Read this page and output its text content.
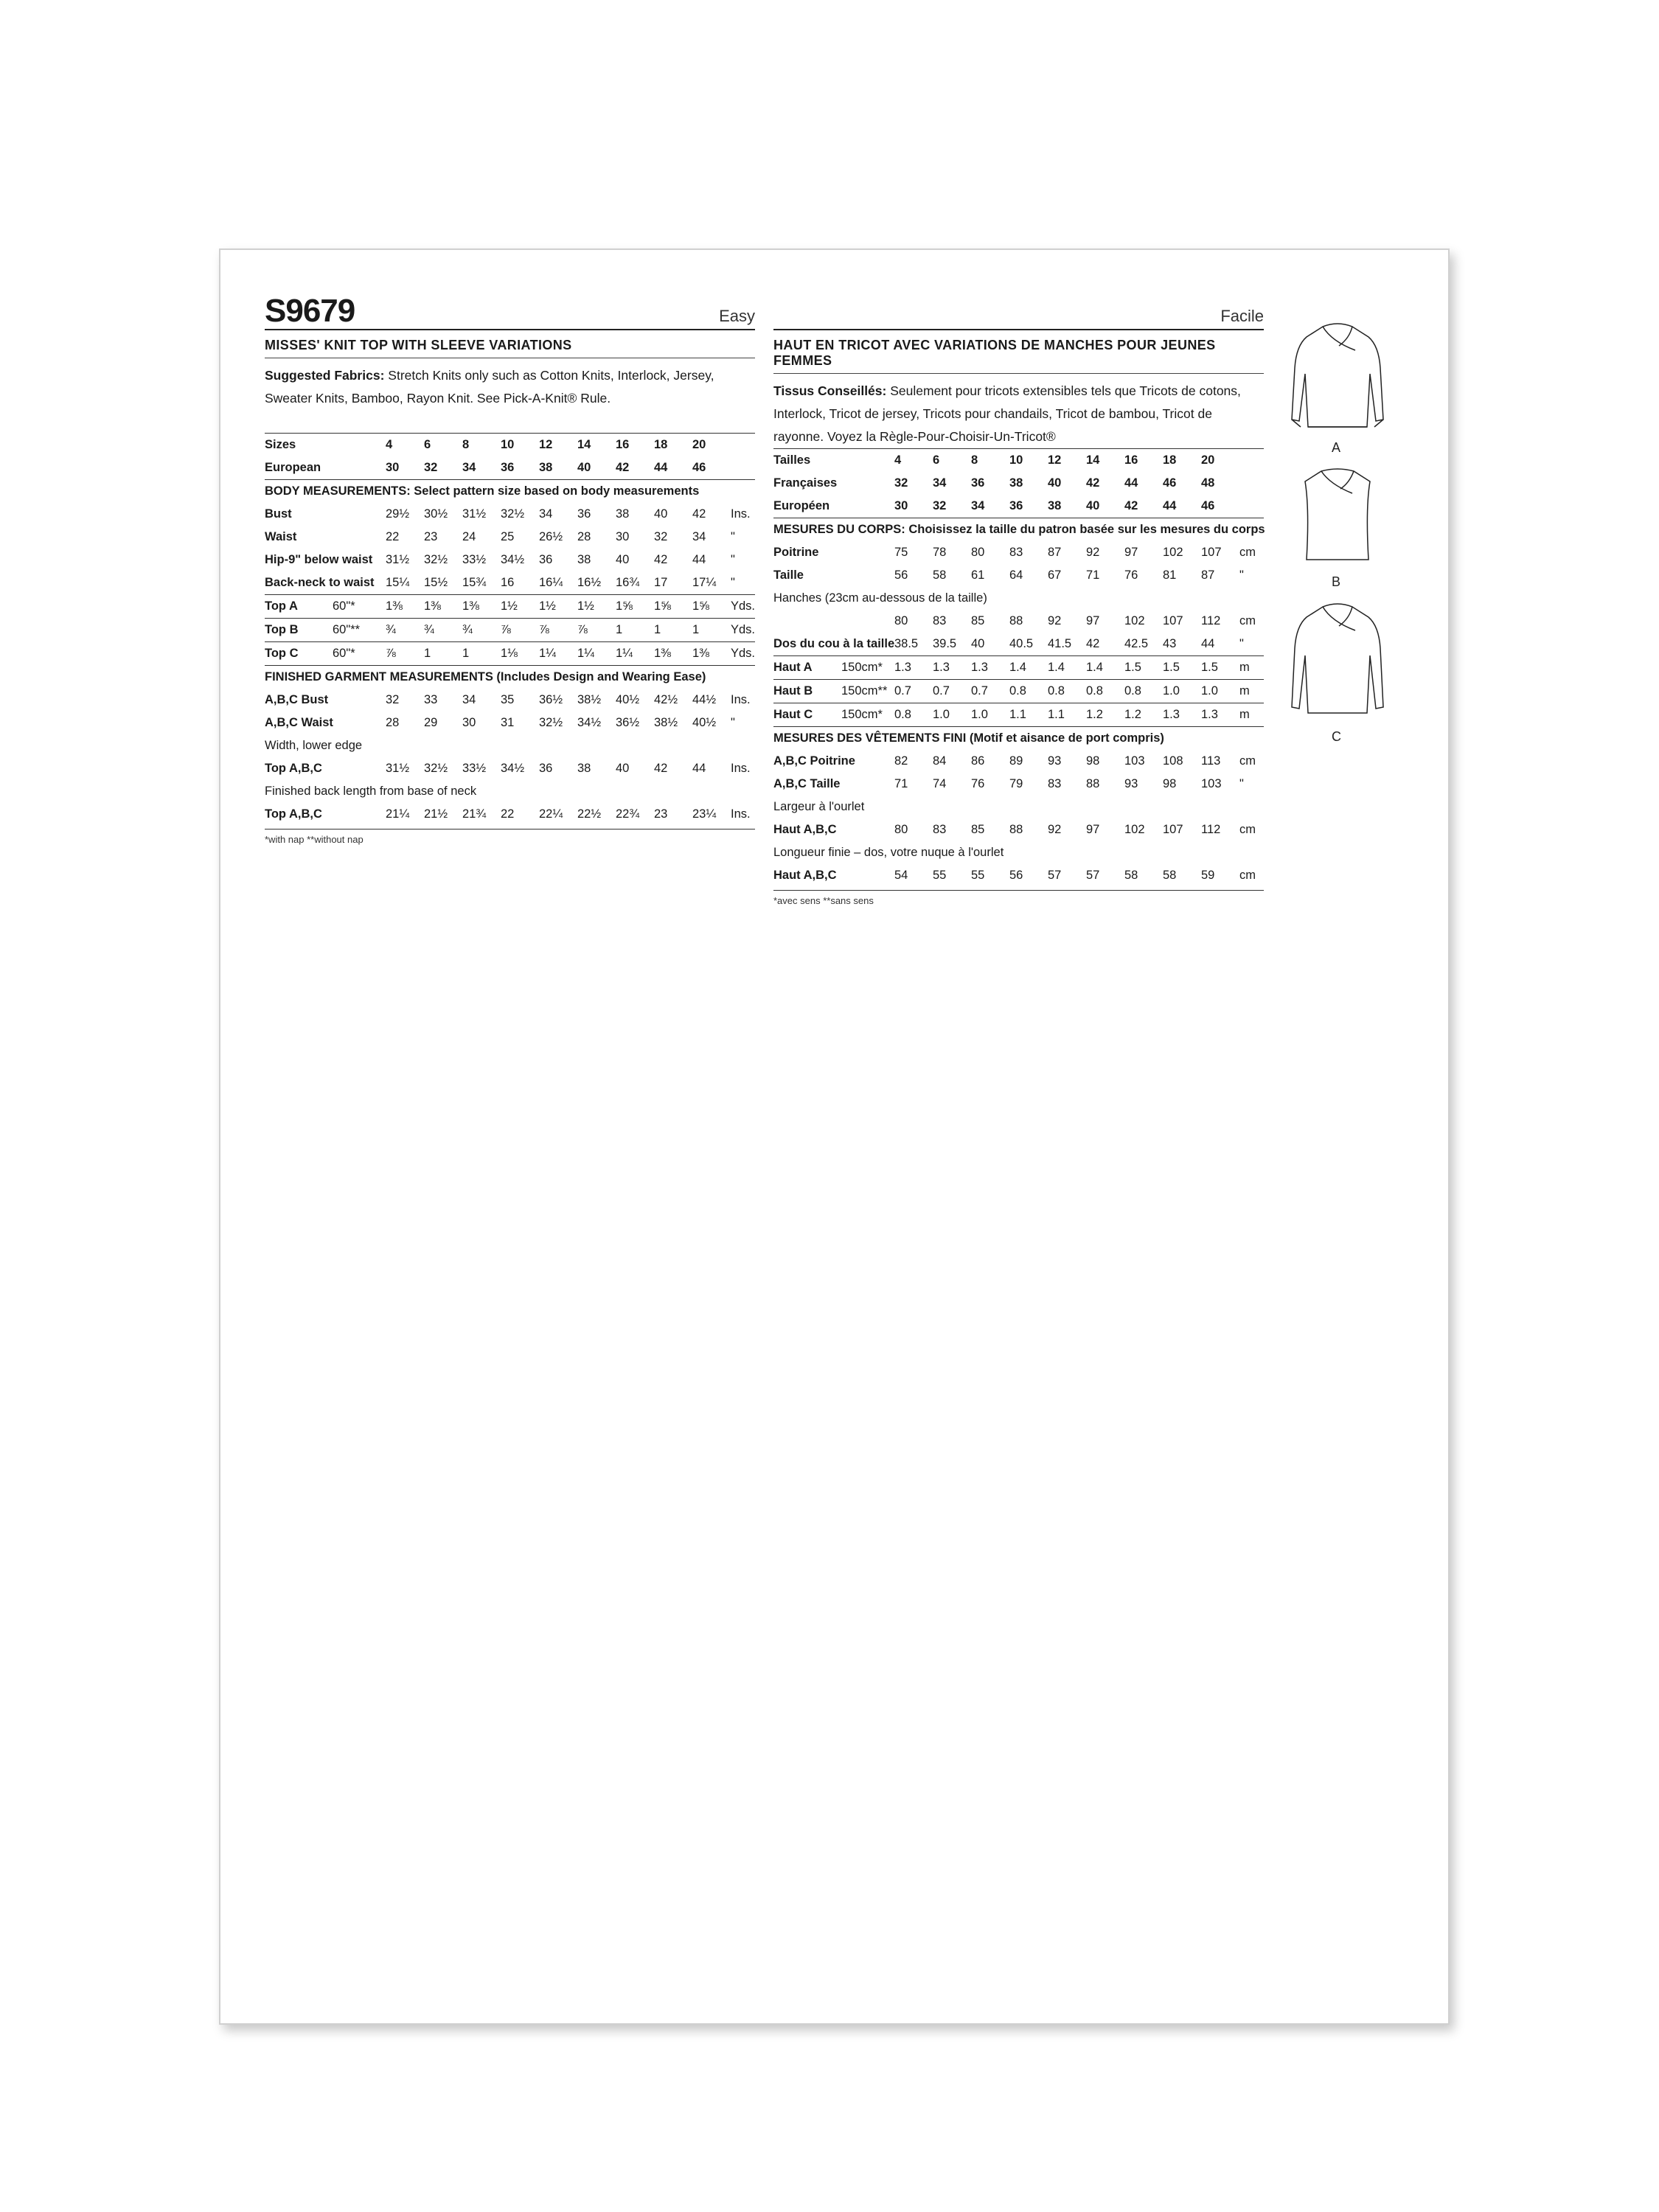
S9679	Easy
MISSES' KNIT TOP WITH SLEEVE VARIATIONS
Suggested Fabrics: Stretch Knits only such as Cotton Knits, Interlock, Jersey, Sweater Knits, Bamboo, Rayon Knit. See Pick-A-Knit® Rule.
Sizes		4	6	8	10	12	14	16	18	20	
European		30	32	34	36	38	40	42	44	46	
BODY MEASUREMENTS: Select pattern size based on body measurements											
Bust		29½	30½	31½	32½	34	36	38	40	42	Ins.
Waist		22	23	24	25	26½	28	30	32	34	"
Hip-9" below waist		31½	32½	33½	34½	36	38	40	42	44	"
Back-neck to waist		15¼	15½	15¾	16	16¼	16½	16¾	17	17¼	"
Top A	60"*	1⅜	1⅜	1⅜	1½	1½	1½	1⅝	1⅝	1⅝	Yds.
Top B	60"**	¾	¾	¾	⅞	⅞	⅞	1	1	1	Yds.
Top C	60"*	⅞	1	1	1⅛	1¼	1¼	1¼	1⅜	1⅜	Yds.
FINISHED GARMENT MEASUREMENTS (Includes Design and Wearing Ease)											
A,B,C Bust		32	33	34	35	36½	38½	40½	42½	44½	Ins.
A,B,C Waist		28	29	30	31	32½	34½	36½	38½	40½	"
Width, lower edge											
Top A,B,C		31½	32½	33½	34½	36	38	40	42	44	Ins.
Finished back length from base of neck											
Top A,B,C		21¼	21½	21¾	22	22¼	22½	22¾	23	23¼	Ins.
*with nap **without nap
Facile
HAUT EN TRICOT AVEC VARIATIONS DE MANCHES POUR JEUNES FEMMES
Tissus Conseillés: Seulement pour tricots extensibles tels que Tricots de cotons, Interlock, Tricot de jersey, Tricots pour chandails, Tricot de bambou, Tricot de rayonne. Voyez la Règle-Pour-Choisir-Un-Tricot®
Tailles		4	6	8	10	12	14	16	18	20	
Françaises		32	34	36	38	40	42	44	46	48	
Européen		30	32	34	36	38	40	42	44	46	
MESURES DU CORPS: Choisissez la taille du patron basée sur les mesures du corps											
Poitrine		75	78	80	83	87	92	97	102	107	cm
Taille		56	58	61	64	67	71	76	81	87	"
Hanches (23cm au-dessous de la taille)											
		80	83	85	88	92	97	102	107	112	cm
Dos du cou à la taille		38.5	39.5	40	40.5	41.5	42	42.5	43	44	"
Haut A	150cm*	1.3	1.3	1.3	1.4	1.4	1.4	1.5	1.5	1.5	m
Haut B	150cm**	0.7	0.7	0.7	0.8	0.8	0.8	0.8	1.0	1.0	m
Haut C	150cm*	0.8	1.0	1.0	1.1	1.1	1.2	1.2	1.3	1.3	m
MESURES DES VÊTEMENTS FINI (Motif et aisance de port compris)											
A,B,C Poitrine		82	84	86	89	93	98	103	108	113	cm
A,B,C Taille		71	74	76	79	83	88	93	98	103	"
Largeur à l'ourlet											
Haut A,B,C		80	83	85	88	92	97	102	107	112	cm
Longueur finie – dos, votre nuque à l'ourlet											
Haut A,B,C		54	55	55	56	57	57	58	58	59	cm
*avec sens **sans sens
A
B
C
